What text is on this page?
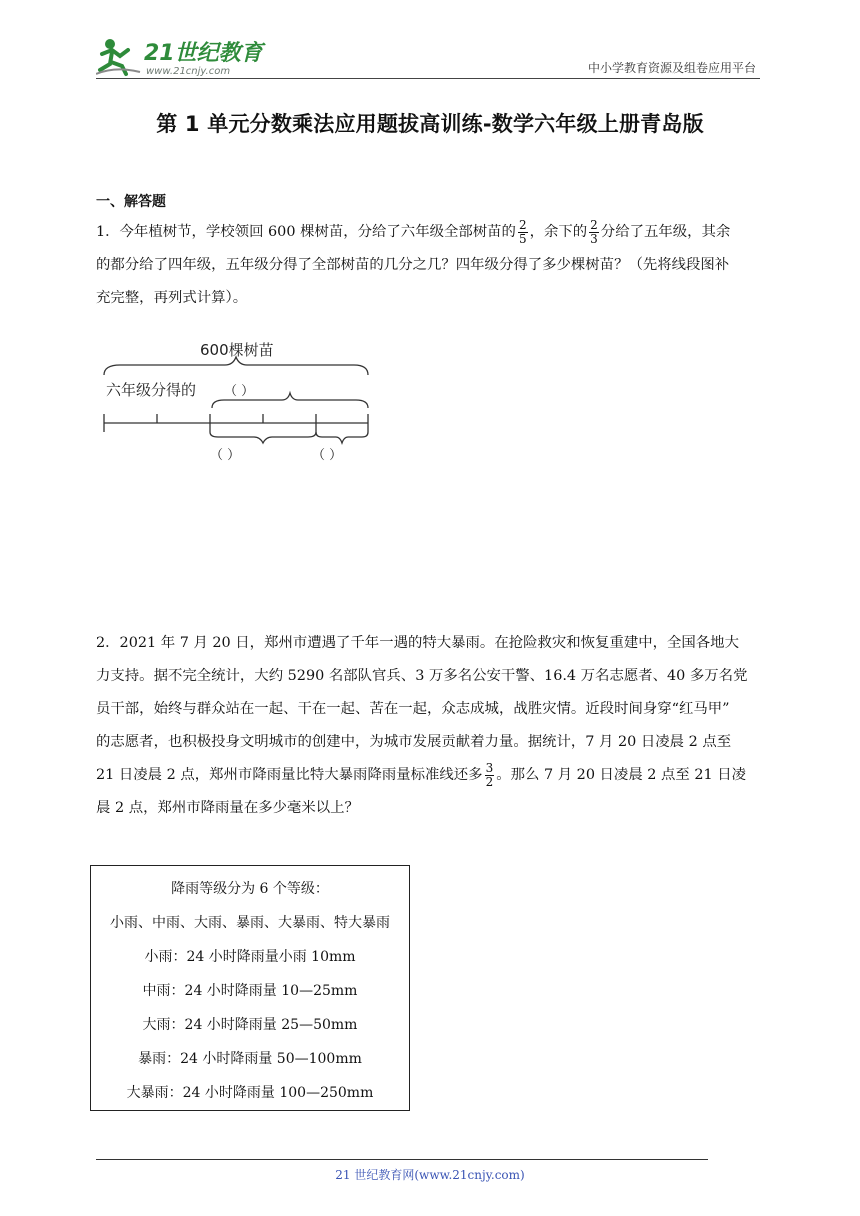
21世纪教育
www.21cnjy.com	中小学教育资源及组卷应用平台
第 1 单元分数乘法应用题拔高训练-数学六年级上册青岛版
一、解答题
1．今年植树节，学校领回 600 棵树苗，分给了六年级全部树苗的 $\frac{2}{5}$ ，余下的 $\frac{2}{3}$ 分给了五年级，其余
的都分给了四年级，五年级分得了全部树苗的几分之几？四年级分得了多少棵树苗？（先将线段图补
充完整，再列式计算）。
600棵树苗
六年级分得的 （ ）
（ ）	（ ）
2．2021 年 7 月 20 日，郑州市遭遇了千年一遇的特大暴雨。在抢险救灾和恢复重建中，全国各地大
力支持。据不完全统计，大约 5290 名部队官兵、3 万多名公安干警、16.4 万名志愿者、40 多万名党
员干部，始终与群众站在一起、干在一起、苦在一起，众志成城，战胜灾情。近段时间身穿“红马甲”
的志愿者，也积极投身文明城市的创建中，为城市发展贡献着力量。据统计，7 月 20 日凌晨 2 点至
21 日凌晨 2 点，郑州市降雨量比特大暴雨降雨量标准线还多 $\frac{3}{2}$ 。那么 7 月 20 日凌晨 2 点至 21 日凌
晨 2 点，郑州市降雨量在多少毫米以上？
降雨等级分为 6 个等级：
小雨、中雨、大雨、暴雨、大暴雨、特大暴雨
小雨：24 小时降雨量小雨 10mm
中雨：24 小时降雨量 10—25mm
大雨：24 小时降雨量 25—50mm
暴雨：24 小时降雨量 50—100mm
大暴雨：24 小时降雨量 100—250mm
21 世纪教育网(www.21cnjy.com)
